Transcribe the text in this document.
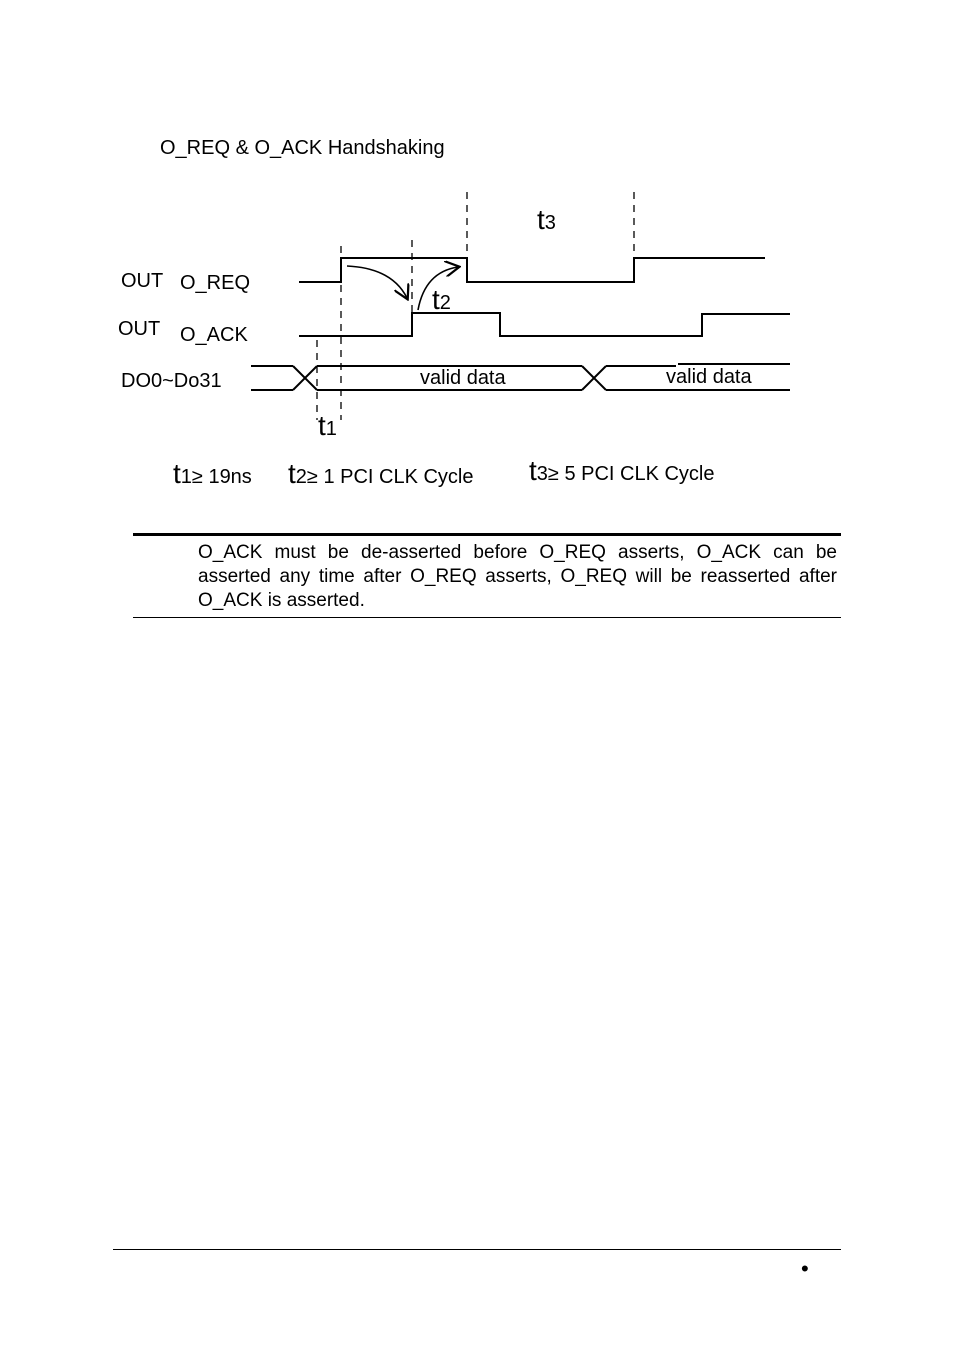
O_REQ & O_ACK Handshaking
OUT O_REQ
OUT O_ACK
DO0~Do31	valid data	valid data
t3
t2
t1
t1≥ 19ns t2≥ 1 PCI CLK Cycle t3≥ 5 PCI CLK Cycle
O_ACK must be de-asserted before O_REQ asserts, O_ACK can be asserted any time after O_REQ asserts, O_REQ will be reasserted after O_ACK is asserted.
•
